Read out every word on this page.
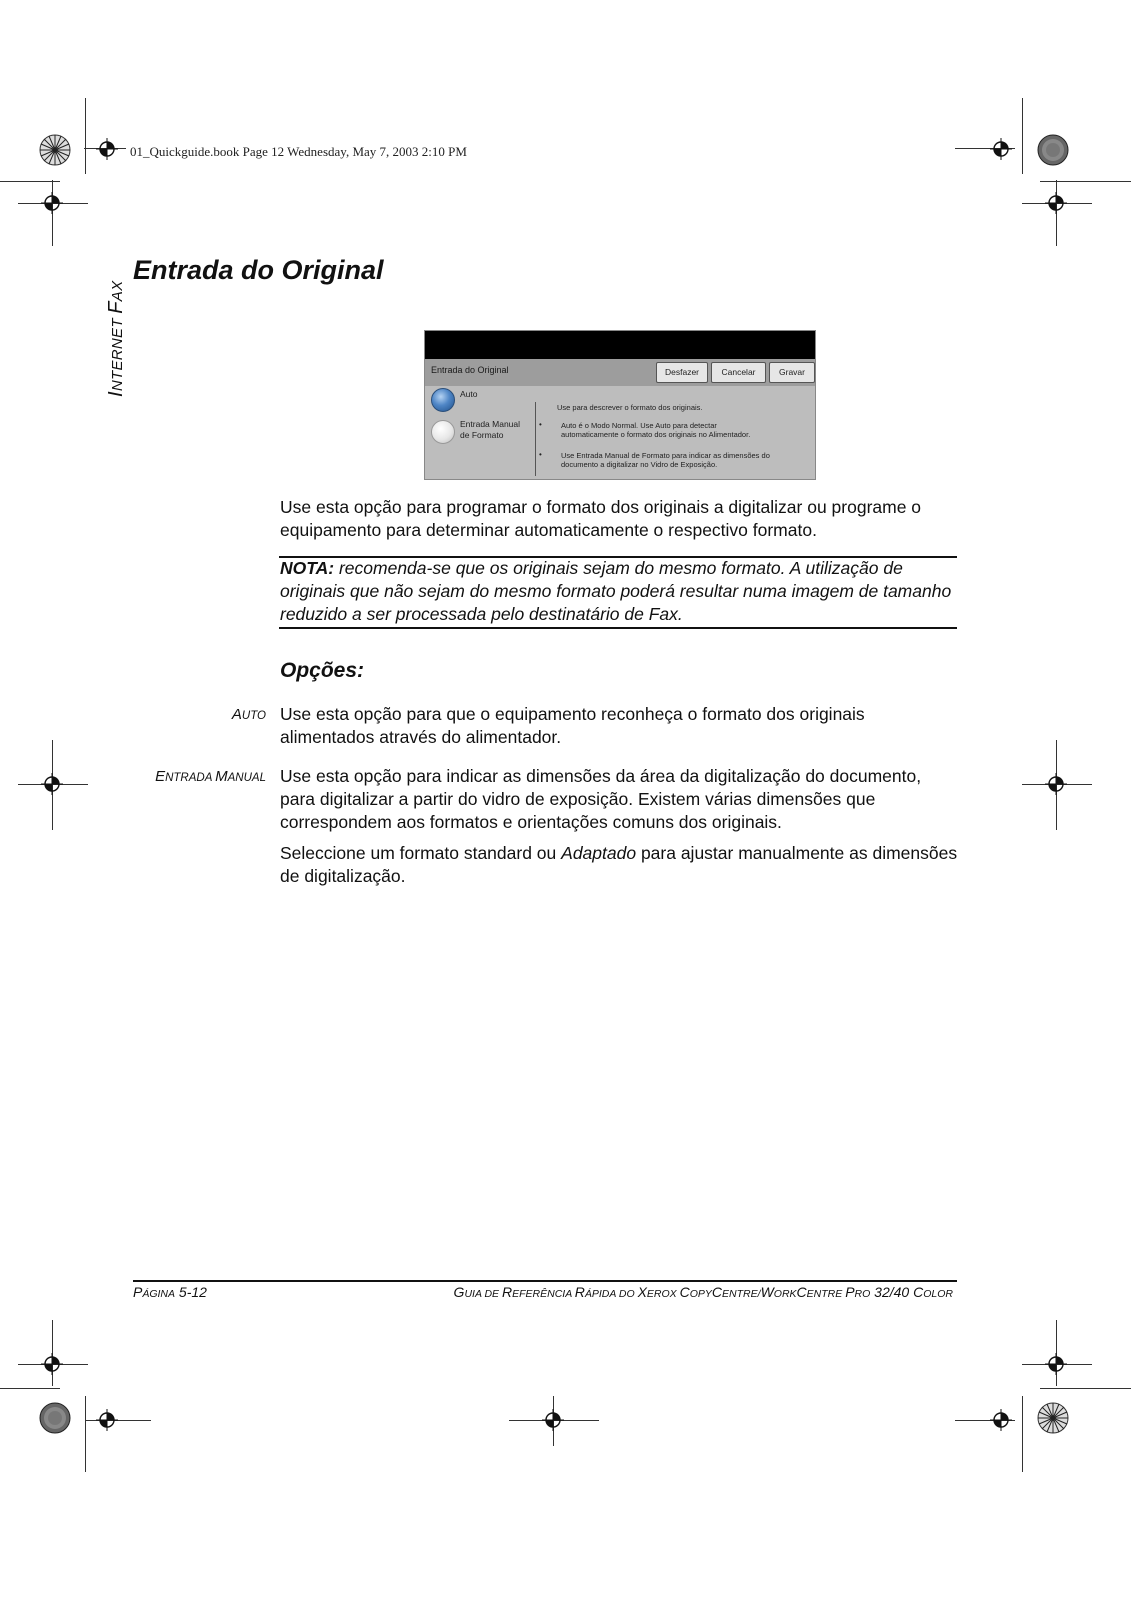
01_Quickguide.book Page 12 Wednesday, May 7, 2003 2:10 PM
INTERNET FAX
Entrada do Original
Entrada do Original	Desfazer	Cancelar	Gravar
Auto
Entrada Manual
de Formato
Use para descrever o formato dos originais.
•	Auto é o Modo Normal. Use Auto para detectar
automaticamente o formato dos originais no Alimentador.
•	Use Entrada Manual de Formato para indicar as dimensões do
documento a digitalizar no Vidro de Exposição.
Use esta opção para programar o formato dos originais a digitalizar ou programe o equipamento para determinar automaticamente o respectivo formato.
NOTA: recomenda-se que os originais sejam do mesmo formato. A utilização de originais que não sejam do mesmo formato poderá resultar numa imagem de tamanho reduzido a ser processada pelo destinatário de Fax.
Opções:
AUTO Use esta opção para que o equipamento reconheça o formato dos originais alimentados através do alimentador.
ENTRADA MANUAL Use esta opção para indicar as dimensões da área da digitalização do documento, para digitalizar a partir do vidro de exposição. Existem várias dimensões que correspondem aos formatos e orientações comuns dos originais.
Seleccione um formato standard ou Adaptado para ajustar manualmente as dimensões de digitalização.
PÁGINA 5-12	GUIA DE REFERÊNCIA RÁPIDA DO XEROX COPYCENTRE/WORKCENTRE PRO 32/40 COLOR
